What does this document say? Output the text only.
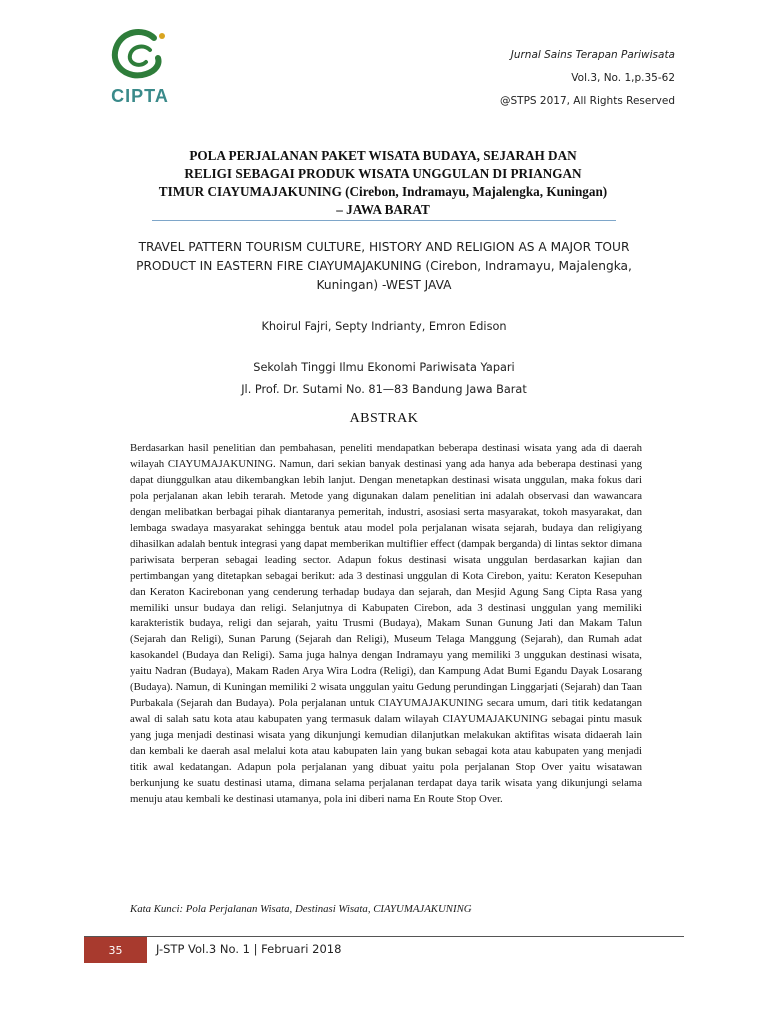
CIPTA
Jurnal Sains Terapan Pariwisata
Vol.3, No. 1,p.35-62
@STPS 2017, All Rights Reserved
POLA PERJALANAN PAKET WISATA BUDAYA, SEJARAH DAN
RELIGI SEBAGAI PRODUK WISATA UNGGULAN DI PRIANGAN
TIMUR CIAYUMAJAKUNING (Cirebon, Indramayu, Majalengka, Kuningan)
– JAWA BARAT
TRAVEL PATTERN TOURISM CULTURE, HISTORY AND RELIGION AS A MAJOR TOUR
PRODUCT IN EASTERN FIRE CIAYUMAJAKUNING (Cirebon, Indramayu, Majalengka,
Kuningan) -WEST JAVA
Khoirul Fajri, Septy Indrianty, Emron Edison
Sekolah Tinggi Ilmu Ekonomi Pariwisata Yapari
Jl. Prof. Dr. Sutami No. 81—83 Bandung Jawa Barat
ABSTRAK

Berdasarkan hasil penelitian dan pembahasan, peneliti mendapatkan beberapa destinasi wisata yang ada di daerah wilayah CIAYUMAJAKUNING. Namun, dari sekian banyak destinasi yang ada hanya ada beberapa destinasi yang dapat diunggulkan atau dikembangkan lebih lanjut. Dengan menetapkan destinasi wisata unggulan, maka fokus dari pola perjalanan akan lebih terarah. Metode yang digunakan dalam penelitian ini adalah observasi dan wawancara dengan melibatkan berbagai pihak diantaranya pemeritah, industri, asosiasi serta masyarakat, tokoh masyarakat, dan lembaga swadaya masyarakat sehingga bentuk atau model pola perjalanan wisata sejarah, budaya dan religiyang dihasilkan adalah bentuk integrasi yang dapat memberikan multiflier effect (dampak berganda) di lintas sektor dimana pariwisata berperan sebagai leading sector. Adapun fokus destinasi wisata unggulan berdasarkan kajian dan pertimbangan yang ditetapkan sebagai berikut: ada 3 destinasi unggulan di Kota Cirebon, yaitu: Keraton Kesepuhan dan Keraton Kacirebonan yang cenderung terhadap budaya dan sejarah, dan Mesjid Agung Sang Cipta Rasa yang memiliki unsur budaya dan religi. Selanjutnya di Kabupaten Cirebon, ada 3 destinasi unggulan yang memiliki karakteristik budaya, religi dan sejarah, yaitu Trusmi (Budaya), Makam Sunan Gunung Jati dan Makam Talun (Sejarah dan Religi), Sunan Parung (Sejarah dan Religi), Museum Telaga Manggung (Sejarah), dan Rumah adat kasokandel (Budaya dan Religi). Sama juga halnya dengan Indramayu yang memiliki 3 unggukan destinasi wisata, yaitu Nadran (Budaya), Makam Raden Arya Wira Lodra (Religi), dan Kampung Adat Bumi Egandu Dayak Losarang (Budaya). Namun, di Kuningan memiliki 2 wisata unggulan yaitu Gedung perundingan Linggarjati (Sejarah) dan Taan Purbakala (Sejarah dan Budaya). Pola perjalanan untuk CIAYUMAJAKUNING secara umum, dari titik kedatangan awal di salah satu kota atau kabupaten yang termasuk dalam wilayah CIAYUMAJAKUNING sebagai pintu masuk yang juga menjadi destinasi wisata yang dikunjungi kemudian dilanjutkan melakukan aktifitas wisata didaerah lain dan kembali ke daerah asal melalui kota atau kabupaten lain yang bukan sebagai kota atau kabupaten yang menjadi titik awal kedatangan. Adapun pola perjalanan yang dibuat yaitu pola perjalanan Stop Over yaitu wisatawan berkunjung ke suatu destinasi utama, dimana selama perjalanan terdapat daya tarik wisata yang dikunjungi selama menuju atau kembali ke destinasi utamanya, pola ini diberi nama En Route Stop Over.

Kata Kunci: Pola Perjalanan Wisata, Destinasi Wisata, CIAYUMAJAKUNING
35	J-STP Vol.3 No. 1 | Februari 2018
